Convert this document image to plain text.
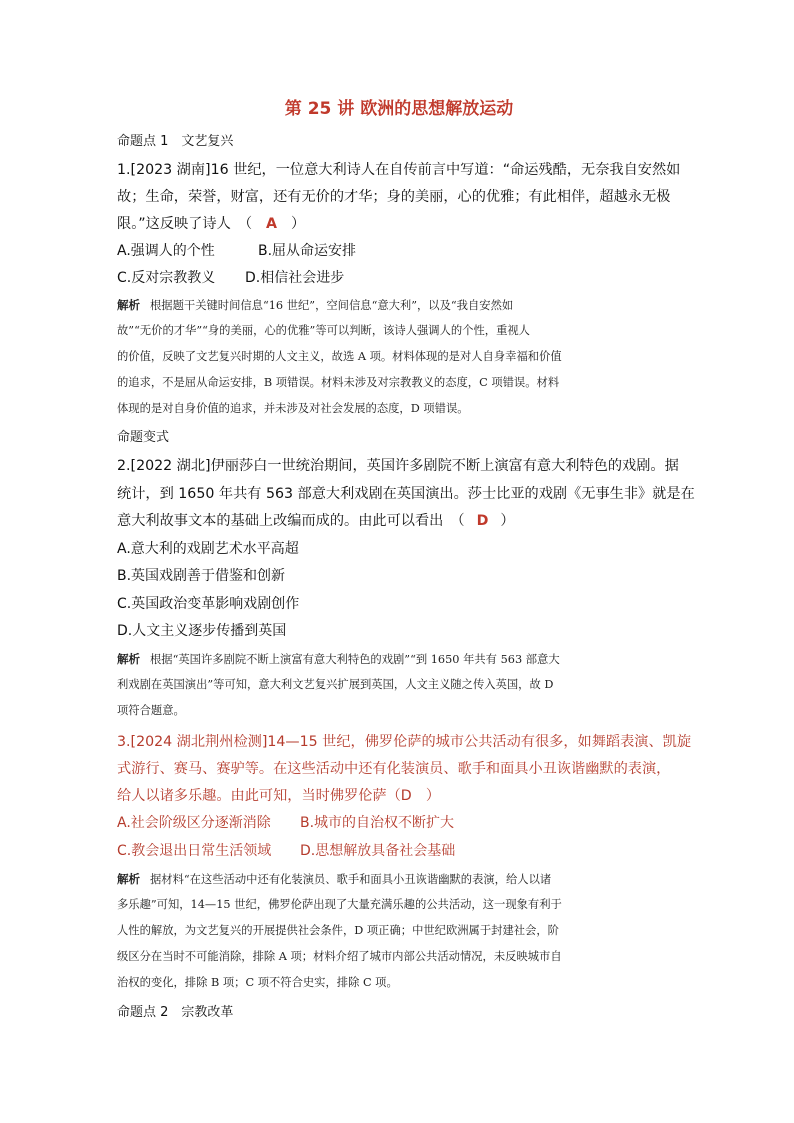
第 25 讲 欧洲的思想解放运动
命题点 1　文艺复兴
1.[2023 湖南]16 世纪，一位意大利诗人在自传前言中写道：“命运残酷，无奈我自安然如
故；生命，荣誉，财富，还有无价的才华；身的美丽，心的优雅；有此相伴，超越永无极
限。”这反映了诗人　（ A ）
A.强调人的个性	B.屈从命运安排
C.反对宗教教义 D.相信社会进步
解析 根据题干关键时间信息“16 世纪”，空间信息“意大利”，以及“我自安然如
故”“无价的才华”“身的美丽，心的优雅”等可以判断，该诗人强调人的个性，重视人
的价值，反映了文艺复兴时期的人文主义，故选 A 项。材料体现的是对人自身幸福和价值
的追求，不是屈从命运安排，B 项错误。材料未涉及对宗教教义的态度，C 项错误。材料
体现的是对自身价值的追求，并未涉及对社会发展的态度，D 项错误。
命题变式
2.[2022 湖北]伊丽莎白一世统治期间，英国许多剧院不断上演富有意大利特色的戏剧。据
统计，到 1650 年共有 563 部意大利戏剧在英国演出。莎士比亚的戏剧《无事生非》就是在
意大利故事文本的基础上改编而成的。由此可以看出　（ D ）
A.意大利的戏剧艺术水平高超
B.英国戏剧善于借鉴和创新
C.英国政治变革影响戏剧创作
D.人文主义逐步传播到英国
解析 根据“英国许多剧院不断上演富有意大利特色的戏剧”“到 1650 年共有 563 部意大
利戏剧在英国演出”等可知，意大利文艺复兴扩展到英国，人文主义随之传入英国，故 D
项符合题意。
3.[2024 湖北荆州检测]14—15 世纪，佛罗伦萨的城市公共活动有很多，如舞蹈表演、凯旋
式游行、赛马、赛驴等。在这些活动中还有化装演员、歌手和面具小丑诙谐幽默的表演，
给人以诸多乐趣。由此可知，当时佛罗伦萨（D　）
A.社会阶级区分逐渐消除 B.城市的自治权不断扩大
C.教会退出日常生活领域 D.思想解放具备社会基础
解析 据材料“在这些活动中还有化装演员、歌手和面具小丑诙谐幽默的表演，给人以诸
多乐趣”可知，14—15 世纪，佛罗伦萨出现了大量充满乐趣的公共活动，这一现象有利于
人性的解放，为文艺复兴的开展提供社会条件，D 项正确；中世纪欧洲属于封建社会，阶
级区分在当时不可能消除，排除 A 项；材料介绍了城市内部公共活动情况，未反映城市自
治权的变化，排除 B 项；C 项不符合史实，排除 C 项。
命题点 2　宗教改革
